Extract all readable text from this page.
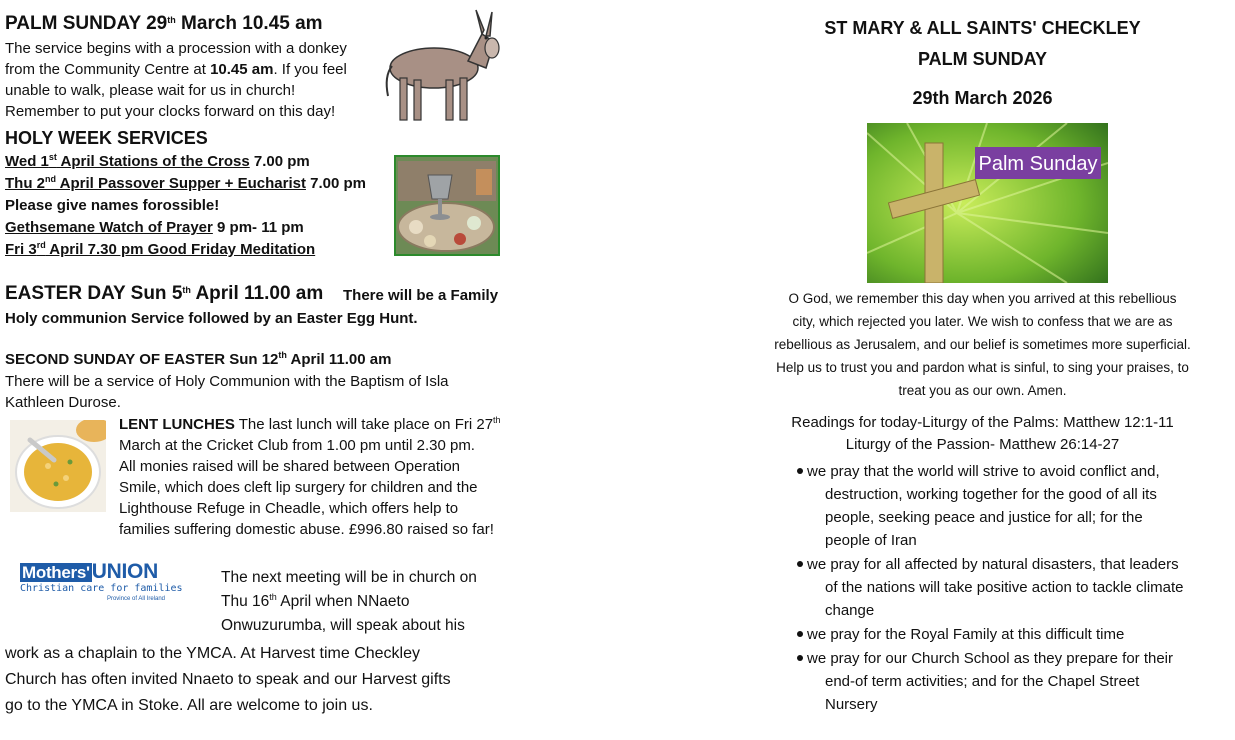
PALM SUNDAY 29th March 10.45 am
The service begins with a procession with a donkey
from the Community Centre at 10.45 am. If you feel
unable to walk, please wait for us in church!
Remember to put your clocks forward on this day!
HOLY WEEK SERVICES
Wed 1st April Stations of the Cross 7.00 pm
Thu 2nd April Passover Supper + Eucharist 7.00 pm
Please give names forossible!
Gethsemane Watch of Prayer 9 pm- 11 pm
Fri 3rd April 7.30 pm Good Friday Meditation
EASTER DAY Sun 5th April 11.00 am There will be a Family
Holy communion Service followed by an Easter Egg Hunt.
SECOND SUNDAY OF EASTER Sun 12th April 11.00 am
There will be a service of Holy Communion with the Baptism of Isla
Kathleen Durose.
LENT LUNCHES The last lunch will take place on Fri 27th
March at the Cricket Club from 1.00 pm until 2.30 pm.
All monies raised will be shared between Operation
Smile, which does cleft lip surgery for children and the
Lighthouse Refuge in Cheadle, which offers help to
families suffering domestic abuse. £996.80 raised so far!
Mothers'UNION
Christian care for families
Province of All Ireland
The next meeting will be in church on
Thu 16th April when NNaeto
Onwuzurumba, will speak about his
work as a chaplain to the YMCA. At Harvest time Checkley
Church has often invited Nnaeto to speak and our Harvest gifts
go to the YMCA in Stoke. All are welcome to join us.
ST MARY & ALL SAINTS' CHECKLEY
PALM SUNDAY
29th March 2026
Palm Sunday
O God, we remember this day when you arrived at this rebellious
city, which rejected you later. We wish to confess that we are as
rebellious as Jerusalem, and our belief is sometimes more superficial.
Help us to trust you and pardon what is sinful, to sing your praises, to
treat you as our own. Amen.
Readings for today-Liturgy of the Palms: Matthew 12:1-11
Liturgy of the Passion- Matthew 26:14-27
we pray that the world will strive to avoid conflict and,
destruction, working together for the good of all its
people, seeking peace and justice for all; for the
people of Iran
we pray for all affected by natural disasters, that leaders
of the nations will take positive action to tackle climate
change
we pray for the Royal Family at this difficult time
we pray for our Church School as they prepare for their
end-of term activities; and for the Chapel Street
Nursery
